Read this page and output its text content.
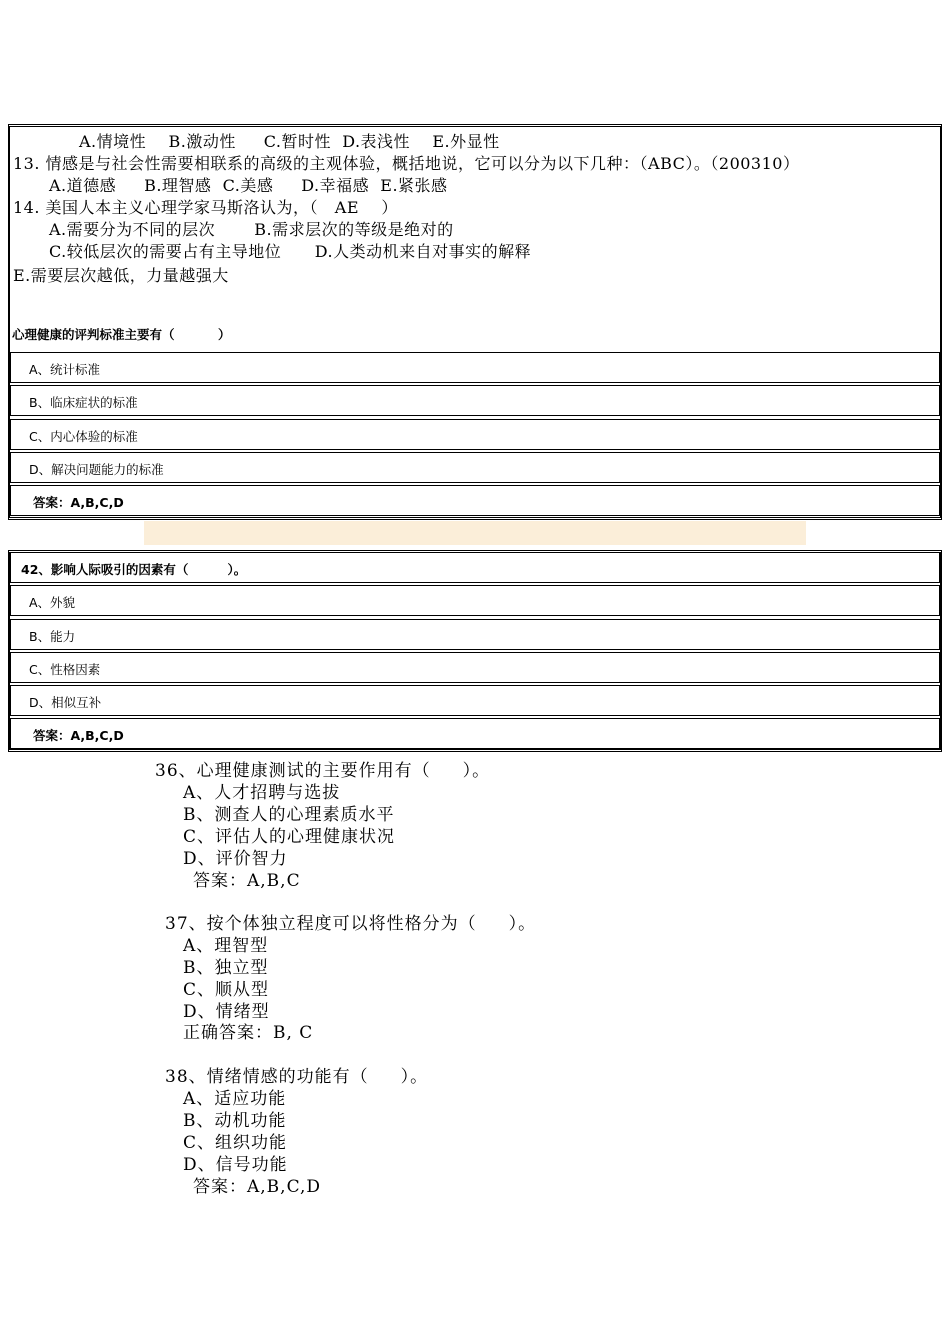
A.情境性    B.激动性     C.暂时性  D.表浅性    E.外显性
13. 情感是与社会性需要相联系的高级的主观体验，概括地说，它可以分为以下几种：（ABC）。（200310）
A.道德感     B.理智感  C.美感     D.幸福感  E.紧张感
14. 美国人本主义心理学家马斯洛认为，（   AE    ）
A.需要分为不同的层次       B.需求层次的等级是绝对的
C.较低层次的需要占有主导地位      D.人类动机来自对事实的解释
E.需要层次越低，力量越强大
心理健康的评判标准主要有（          ）
A、统计标准
B、临床症状的标准
C、内心体验的标准
D、解决问题能力的标准
答案：A,B,C,D
42、影响人际吸引的因素有（         ）。
A、外貌
B、能力
C、性格因素
D、相似互补
答案：A,B,C,D
36、心理健康测试的主要作用有（     ）。
A、人才招聘与选拔
B、测查人的心理素质水平
C、评估人的心理健康状况
D、评价智力
答案：A,B,C
37、按个体独立程度可以将性格分为（     ）。
A、理智型
B、独立型
C、顺从型
D、情绪型
正确答案：B, C
38、情绪情感的功能有（     ）。
A、适应功能
B、动机功能
C、组织功能
D、信号功能
答案：A,B,C,D
